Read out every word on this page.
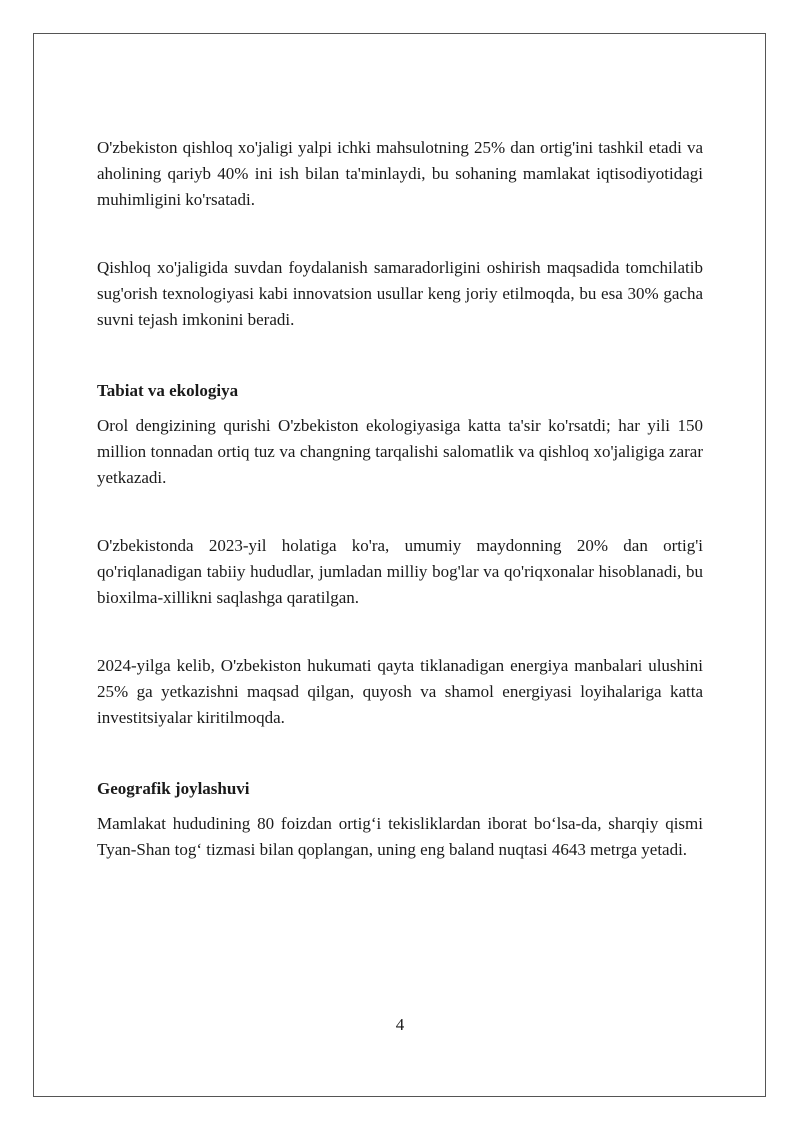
O'zbekiston qishloq xo'jaligi yalpi ichki mahsulotning 25% dan ortig'ini tashkil etadi va aholining qariyb 40% ini ish bilan ta'minlaydi, bu sohaning mamlakat iqtisodiyotidagi muhimligini ko'rsatadi.

Qishloq xo'jaligida suvdan foydalanish samaradorligini oshirish maqsadida tomchilatib sug'orish texnologiyasi kabi innovatsion usullar keng joriy etilmoqda, bu esa 30% gacha suvni tejash imkonini beradi.

Tabiat va ekologiya

Orol dengizining qurishi O'zbekiston ekologiyasiga katta ta'sir ko'rsatdi; har yili 150 million tonnadan ortiq tuz va changning tarqalishi salomatlik va qishloq xo'jaligiga zarar yetkazadi.

O'zbekistonda 2023-yil holatiga ko'ra, umumiy maydonning 20% dan ortig'i qo'riqlanadigan tabiiy hududlar, jumladan milliy bog'lar va qo'riqxonalar hisoblanadi, bu bioxilma-xillikni saqlashga qaratilgan.

2024-yilga kelib, O'zbekiston hukumati qayta tiklanadigan energiya manbalari ulushini 25% ga yetkazishni maqsad qilgan, quyosh va shamol energiyasi loyihalariga katta investitsiyalar kiritilmoqda.

Geografik joylashuvi

Mamlakat hududining 80 foizdan ortig‘i tekisliklardan iborat bo‘lsa-da, sharqiy qismi Tyan-Shan tog‘ tizmasi bilan qoplangan, uning eng baland nuqtasi 4643 metrga yetadi.

4
